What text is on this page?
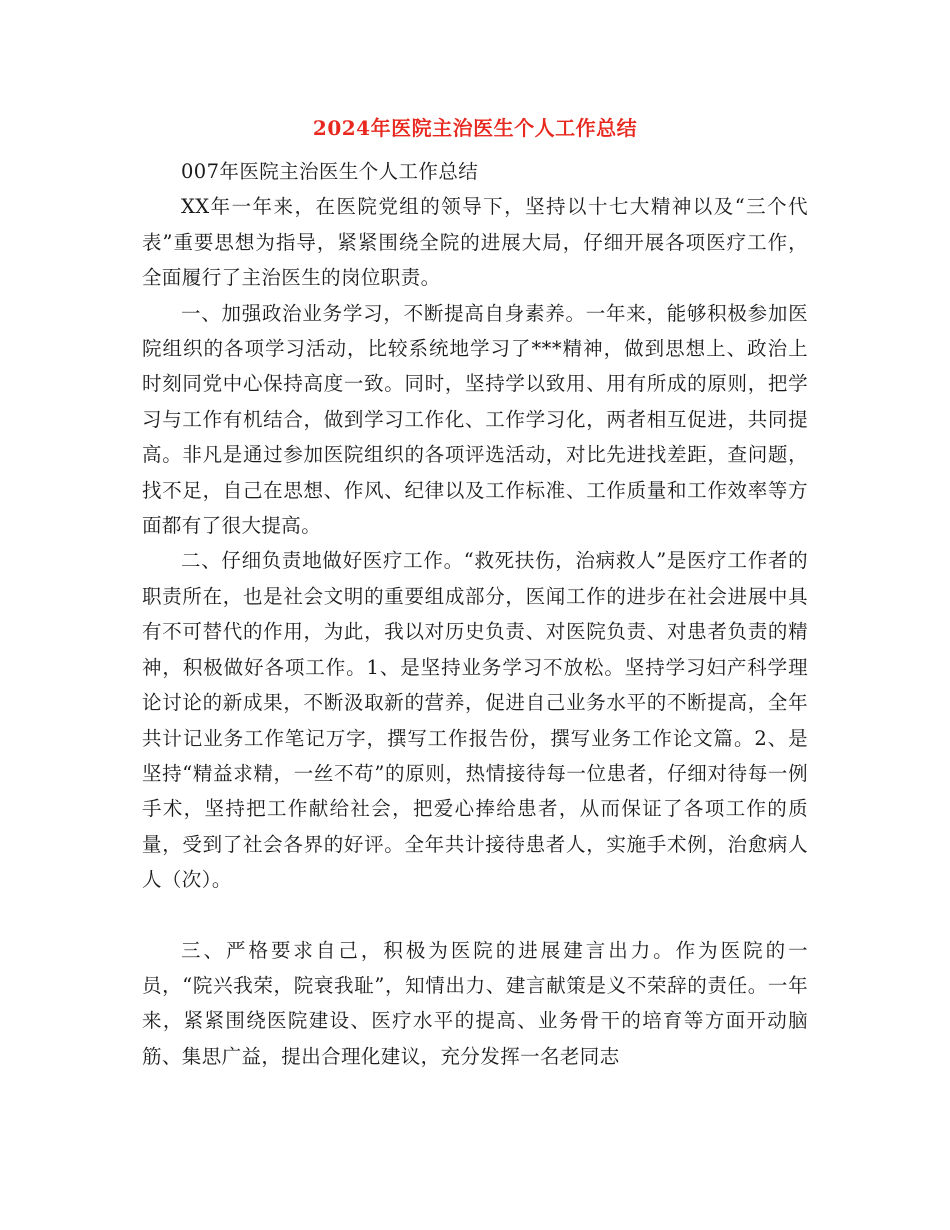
2024年医院主治医生个人工作总结

007年医院主治医生个人工作总结

XX年一年来，在医院党组的领导下，坚持以十七大精神以及“三个代表”重要思想为指导，紧紧围绕全院的进展大局，仔细开展各项医疗工作，全面履行了主治医生的岗位职责。

一、加强政治业务学习，不断提高自身素养。一年来，能够积极参加医院组织的各项学习活动，比较系统地学习了***精神，做到思想上、政治上时刻同党中心保持高度一致。同时，坚持学以致用、用有所成的原则，把学习与工作有机结合，做到学习工作化、工作学习化，两者相互促进，共同提高。非凡是通过参加医院组织的各项评选活动，对比先进找差距，查问题，找不足，自己在思想、作风、纪律以及工作标准、工作质量和工作效率等方面都有了很大提高。

二、仔细负责地做好医疗工作。“救死扶伤，治病救人”是医疗工作者的职责所在，也是社会文明的重要组成部分，医闻工作的进步在社会进展中具有不可替代的作用，为此，我以对历史负责、对医院负责、对患者负责的精神，积极做好各项工作。1、是坚持业务学习不放松。坚持学习妇产科学理论讨论的新成果，不断汲取新的营养，促进自己业务水平的不断提高，全年共计记业务工作笔记万字，撰写工作报告份，撰写业务工作论文篇。2、是坚持“精益求精，一丝不苟”的原则，热情接待每一位患者，仔细对待每一例手术，坚持把工作献给社会，把爱心捧给患者，从而保证了各项工作的质量，受到了社会各界的好评。全年共计接待患者人，实施手术例，治愈病人人（次）。

三、严格要求自己，积极为医院的进展建言出力。作为医院的一员，“院兴我荣，院衰我耻”，知情出力、建言献策是义不荣辞的责任。一年来，紧紧围绕医院建设、医疗水平的提高、业务骨干的培育等方面开动脑筋、集思广益，提出合理化建议，充分发挥一名老同志
